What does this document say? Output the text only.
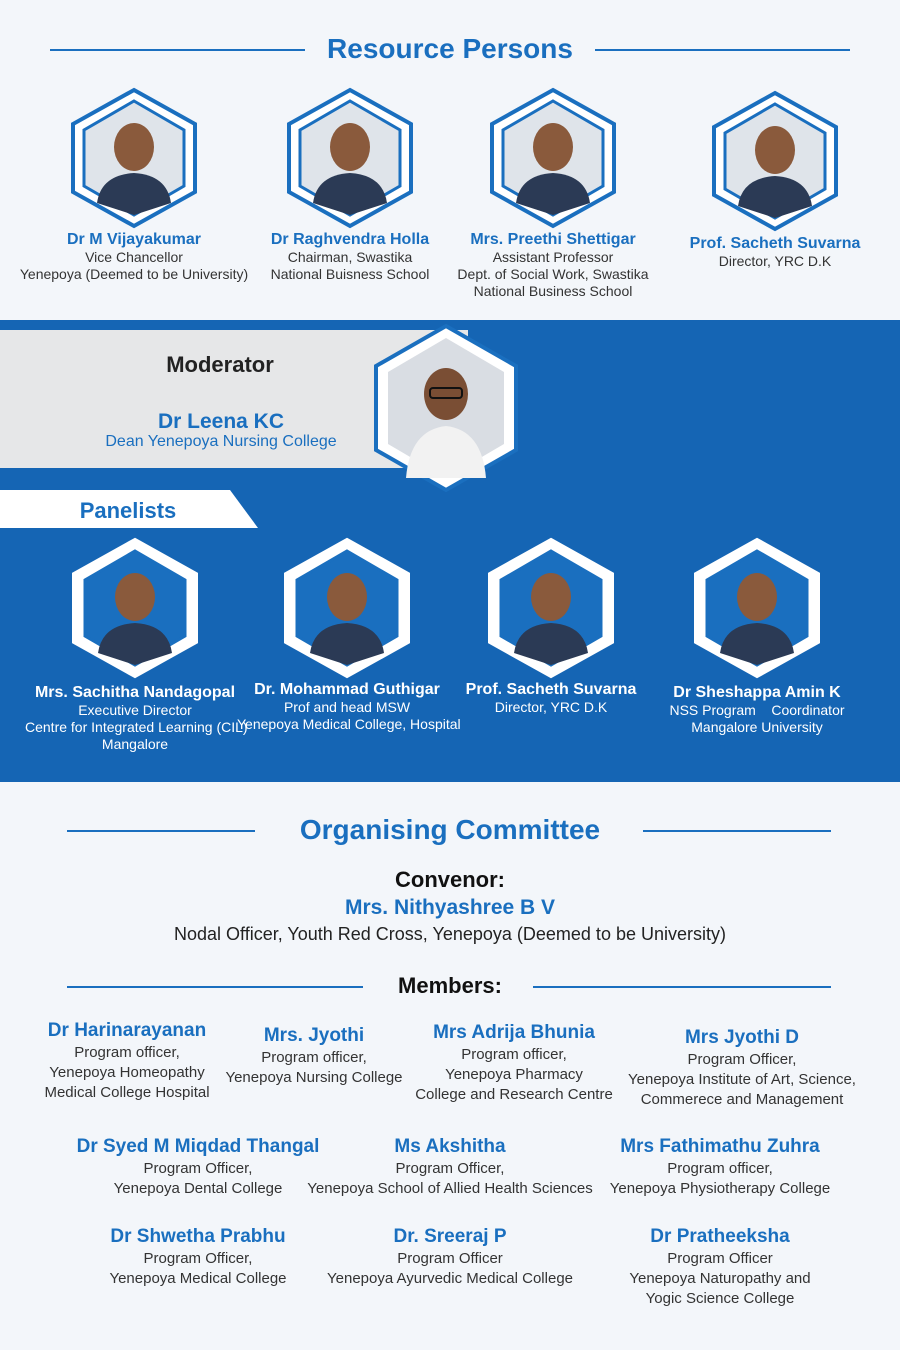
Resource Persons
Dr M Vijayakumar
Vice Chancellor
Yenepoya (Deemed to be University)
Dr Raghvendra Holla
Chairman, Swastika
National Buisness School
Mrs. Preethi Shettigar
Assistant Professor
Dept. of Social Work, Swastika
National Business School
Prof. Sacheth Suvarna
Director, YRC D.K
Moderator
Dr Leena KC
Dean Yenepoya Nursing College
Panelists
Mrs. Sachitha Nandagopal
Executive Director
Centre for Integrated Learning (CIL)
Mangalore
Dr. Mohammad Guthigar
Prof and head MSW
Yenepoya Medical College, Hospital
Prof. Sacheth Suvarna
Director, YRC D.K
Dr Sheshappa Amin K
NSS Program    Coordinator
Mangalore University
Organising Committee
Convenor:
Mrs. Nithyashree B V
Nodal Officer, Youth Red Cross, Yenepoya (Deemed to be University)
Members:
Dr Harinarayanan
Program officer,
Yenepoya Homeopathy
Medical College Hospital
Mrs. Jyothi
Program officer,
Yenepoya Nursing College
Mrs Adrija Bhunia
Program officer,
Yenepoya Pharmacy
College and Research Centre
Mrs Jyothi D
Program Officer,
Yenepoya Institute of Art, Science,
Commerece and Management
Dr Syed M Miqdad Thangal
Program Officer,
Yenepoya Dental College
Ms Akshitha
Program Officer,
Yenepoya School of Allied Health Sciences
Mrs Fathimathu Zuhra
Program officer,
Yenepoya Physiotherapy College
Dr Shwetha Prabhu
Program Officer,
Yenepoya Medical College
Dr. Sreeraj P
Program Officer
Yenepoya Ayurvedic Medical College
Dr Pratheeksha
Program Officer
Yenepoya Naturopathy and
Yogic Science College
